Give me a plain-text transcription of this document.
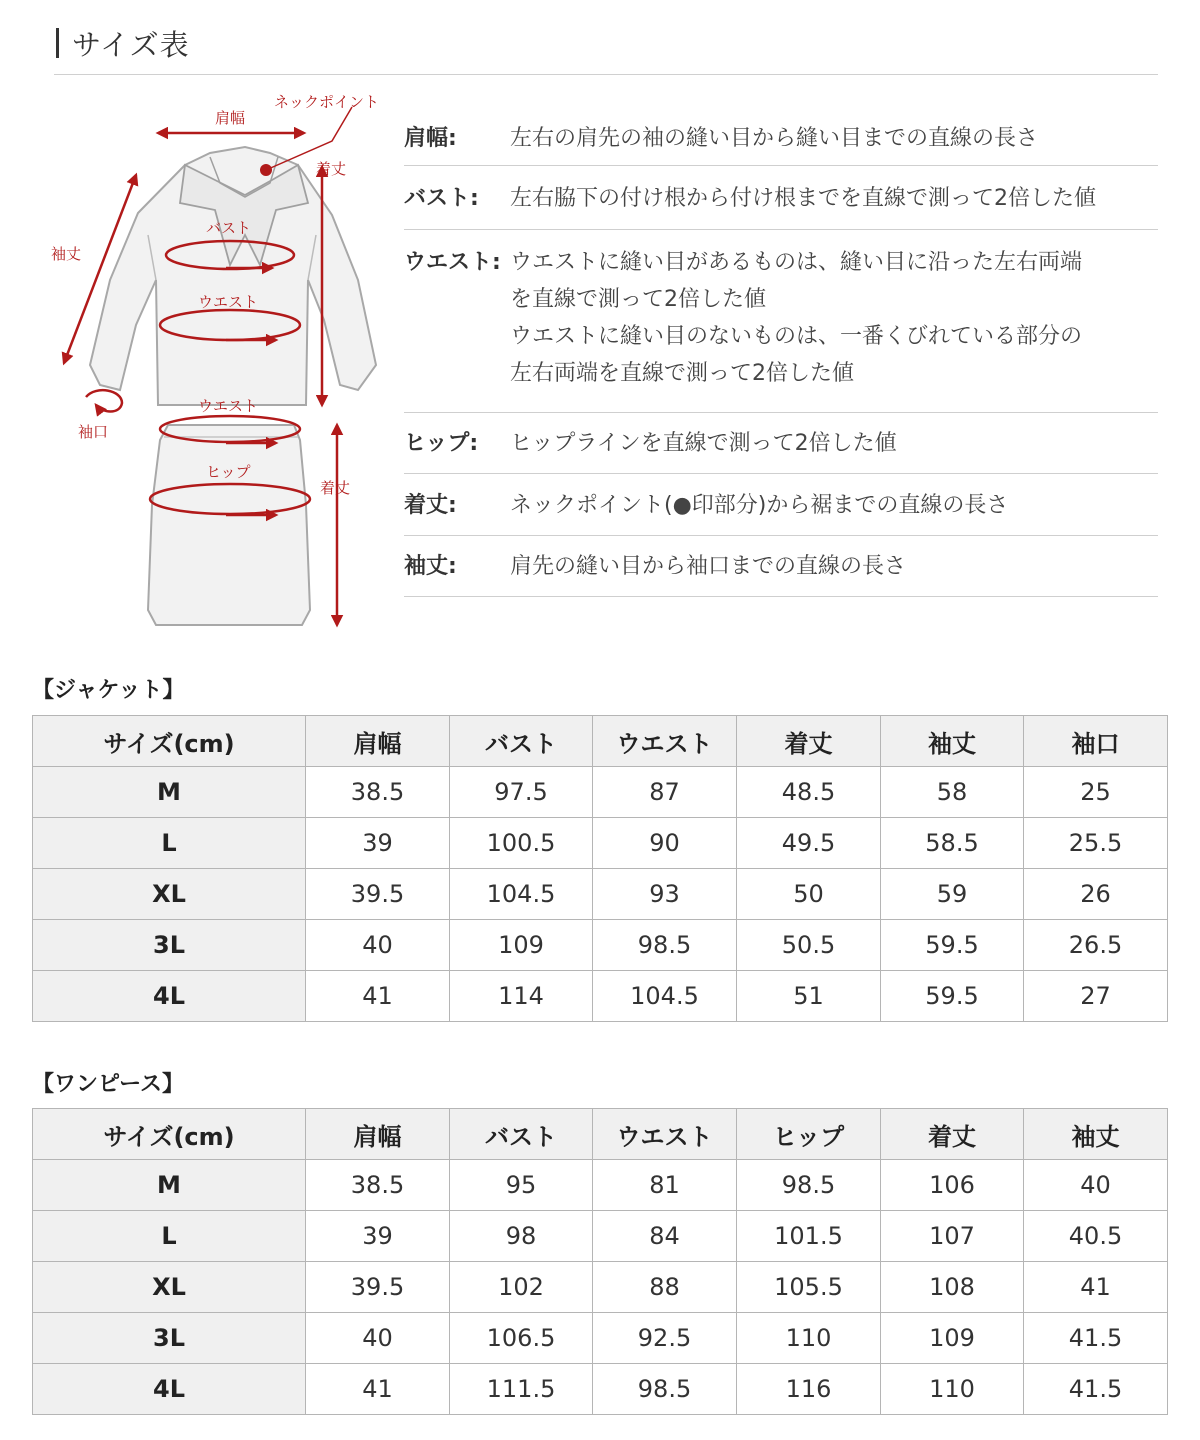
サイズ表
肩幅
ネックポイント
着丈
袖丈
バスト
ウエスト
袖口
ウエスト
ヒップ
着丈
肩幅:	左右の肩先の袖の縫い目から縫い目までの直線の長さ
バスト:	左右脇下の付け根から付け根までを直線で測って2倍した値
ウエスト: ウエストに縫い目があるものは、縫い目に沿った左右両端
を直線で測って2倍した値
ウエストに縫い目のないものは、一番くびれている部分の
左右両端を直線で測って2倍した値
ヒップ:	ヒップラインを直線で測って2倍した値
着丈:	ネックポイント(●印部分)から裾までの直線の長さ
袖丈:	肩先の縫い目から袖口までの直線の長さ
【ジャケット】
サイズ(cm)	肩幅	バスト	ウエスト	着丈	袖丈	袖口
M	38.5	97.5	87	48.5	58	25
L	39	100.5	90	49.5	58.5	25.5
XL	39.5	104.5	93	50	59	26
3L	40	109	98.5	50.5	59.5	26.5
4L	41	114	104.5	51	59.5	27
【ワンピース】
サイズ(cm)	肩幅	バスト	ウエスト	ヒップ	着丈	袖丈
M	38.5	95	81	98.5	106	40
L	39	98	84	101.5	107	40.5
XL	39.5	102	88	105.5	108	41
3L	40	106.5	92.5	110	109	41.5
4L	41	111.5	98.5	116	110	41.5
